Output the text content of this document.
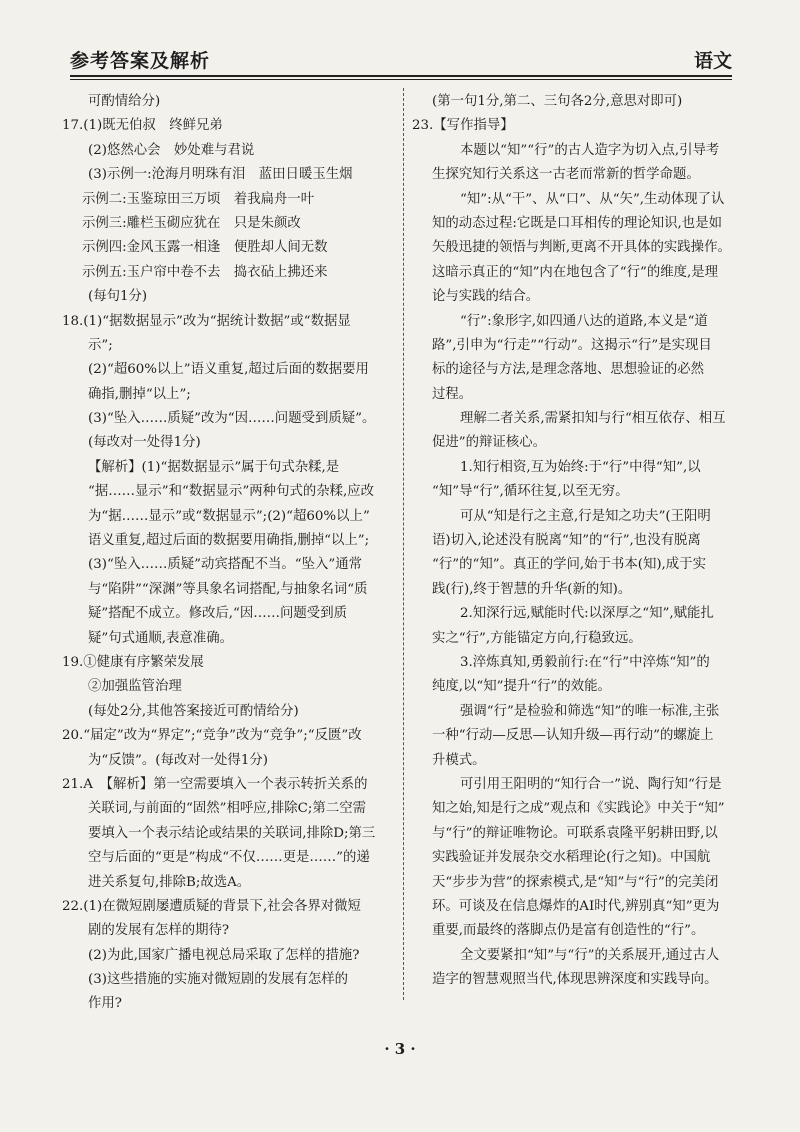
参考答案及解析	语文
可酌情给分)
17.(1)既无伯叔　终鲜兄弟
(2)悠然心会　妙处难与君说
(3)示例一:沧海月明珠有泪　蓝田日暖玉生烟
示例二:玉鉴琼田三万顷　着我扁舟一叶
示例三:雕栏玉砌应犹在　只是朱颜改
示例四:金风玉露一相逢　便胜却人间无数
示例五:玉户帘中卷不去　捣衣砧上拂还来
(每句1分)
18.(1)“据数据显示”改为“据统计数据”或“数据显
示”;
(2)“超60%以上”语义重复,超过后面的数据要用
确指,删掉“以上”;
(3)“坠入……质疑”改为“因……问题受到质疑”。
(每改对一处得1分)
【解析】(1)“据数据显示”属于句式杂糅,是
“据……显示”和“数据显示”两种句式的杂糅,应改
为“据……显示”或“数据显示”;(2)“超60%以上”
语义重复,超过后面的数据要用确指,删掉“以上”;
(3)“坠入……质疑”动宾搭配不当。“坠入”通常
与“陷阱”“深渊”等具象名词搭配,与抽象名词“质
疑”搭配不成立。修改后,“因……问题受到质
疑”句式通顺,表意准确。
19.①健康有序繁荣发展
②加强监管治理
(每处2分,其他答案接近可酌情给分)
20.“届定”改为“界定”;“竞争”改为“竞争”;“反匮”改
为“反馈”。(每改对一处得1分)
21.A　【解析】第一空需要填入一个表示转折关系的
关联词,与前面的“固然”相呼应,排除C;第二空需
要填入一个表示结论或结果的关联词,排除D;第三
空与后面的“更是”构成“不仅……更是……”的递
进关系复句,排除B;故选A。
22.(1)在微短剧屡遭质疑的背景下,社会各界对微短
剧的发展有怎样的期待?
(2)为此,国家广播电视总局采取了怎样的措施?
(3)这些措施的实施对微短剧的发展有怎样的
作用?
(第一句1分,第二、三句各2分,意思对即可)
23.【写作指导】
本题以“知”“行”的古人造字为切入点,引导考
生探究知行关系这一古老而常新的哲学命题。
“知”:从“干”、从“口”、从“矢”,生动体现了认
知的动态过程:它既是口耳相传的理论知识,也是如
矢般迅捷的领悟与判断,更离不开具体的实践操作。
这暗示真正的“知”内在地包含了“行”的维度,是理
论与实践的结合。
“行”:象形字,如四通八达的道路,本义是“道
路”,引申为“行走”“行动”。这揭示“行”是实现目
标的途径与方法,是理念落地、思想验证的必然
过程。
理解二者关系,需紧扣知与行“相互依存、相互
促进”的辩证核心。
1.知行相资,互为始终:于“行”中得“知”,以
“知”导“行”,循环往复,以至无穷。
可从“知是行之主意,行是知之功夫”(王阳明
语)切入,论述没有脱离“知”的“行”,也没有脱离
“行”的“知”。真正的学问,始于书本(知),成于实
践(行),终于智慧的升华(新的知)。
2.知深行远,赋能时代:以深厚之“知”,赋能扎
实之“行”,方能锚定方向,行稳致远。
3.淬炼真知,勇毅前行:在“行”中淬炼“知”的
纯度,以“知”提升“行”的效能。
强调“行”是检验和筛选“知”的唯一标准,主张
一种“行动—反思—认知升级—再行动”的螺旋上
升模式。
可引用王阳明的“知行合一”说、陶行知“行是
知之始,知是行之成”观点和《实践论》中关于“知”
与“行”的辩证唯物论。可联系袁隆平躬耕田野,以
实践验证并发展杂交水稻理论(行之知)。中国航
天“步步为营”的探索模式,是“知”与“行”的完美闭
环。可谈及在信息爆炸的AI时代,辨别真“知”更为
重要,而最终的落脚点仍是富有创造性的“行”。
全文要紧扣“知”与“行”的关系展开,通过古人
造字的智慧观照当代,体现思辨深度和实践导向。
· 3 ·
